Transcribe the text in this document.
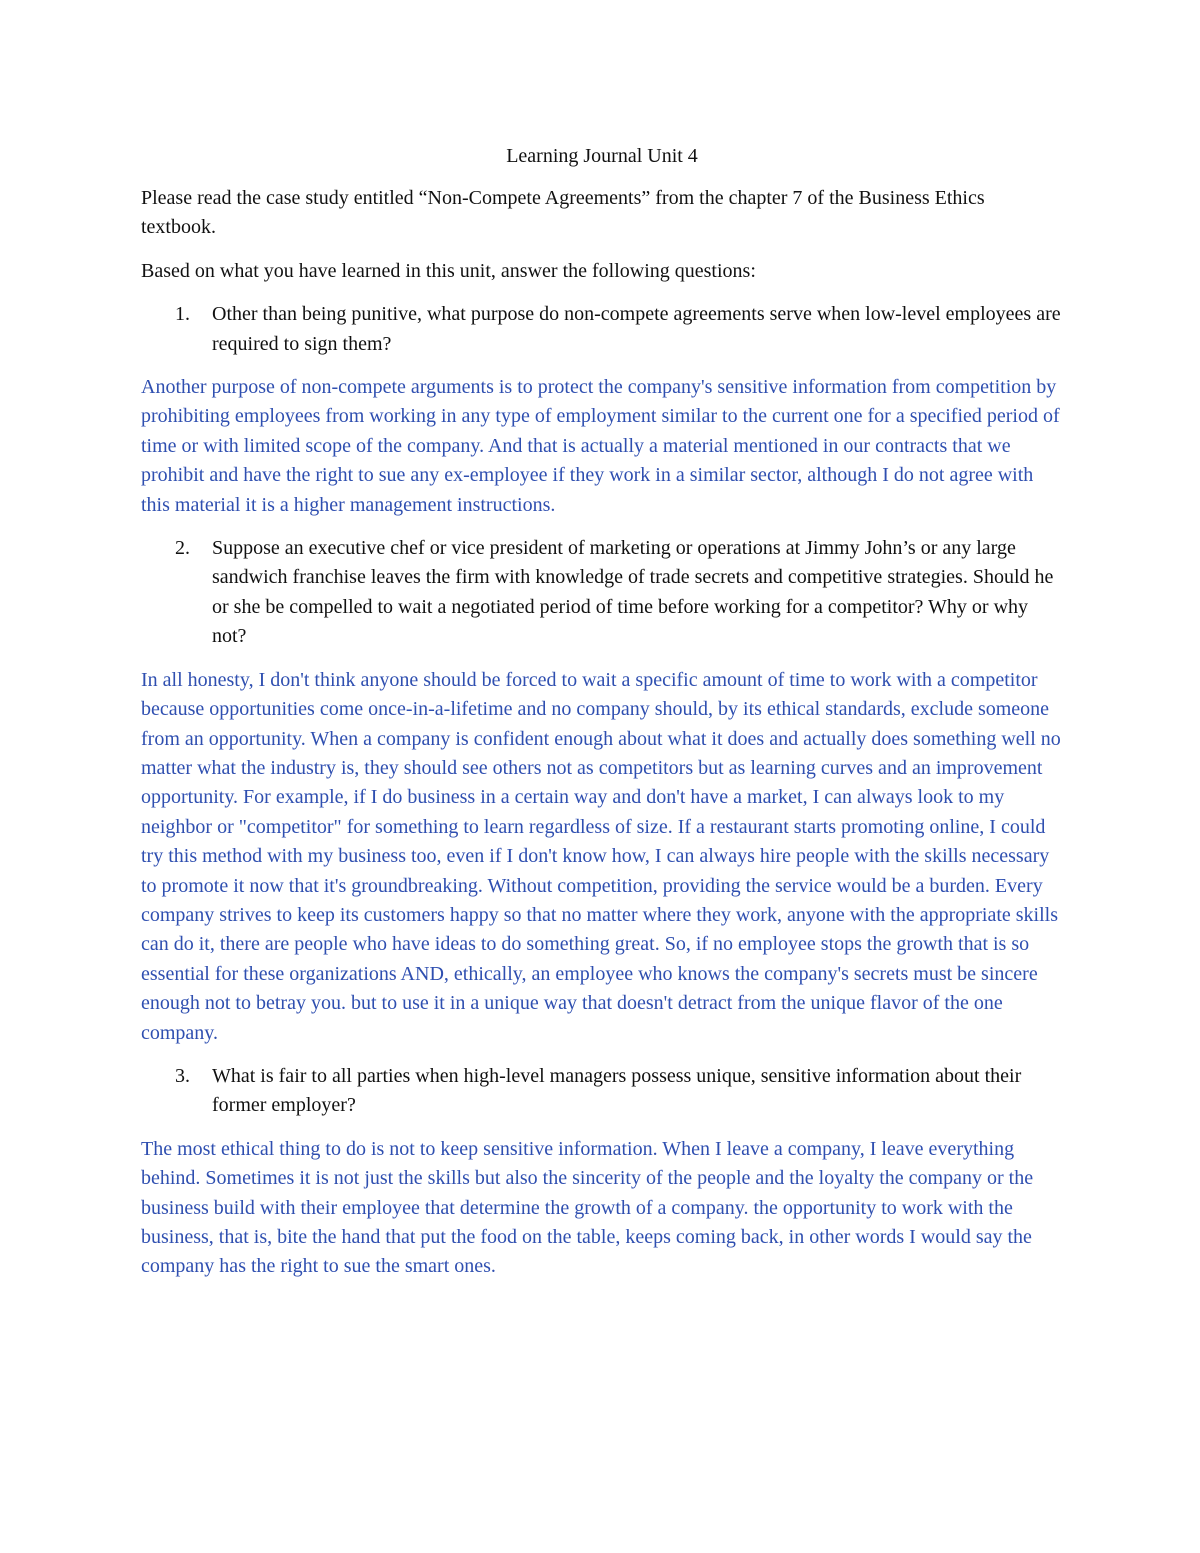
Learning Journal Unit 4
Please read the case study entitled “Non-Compete Agreements” from the chapter 7 of the Business Ethics textbook.
Based on what you have learned in this unit, answer the following questions:
1.	Other than being punitive, what purpose do non-compete agreements serve when low-level employees are required to sign them?
Another purpose of non-compete arguments is to protect the company's sensitive information from competition by prohibiting employees from working in any type of employment similar to the current one for a specified period of time or with limited scope of the company. And that is actually a material mentioned in our contracts that we prohibit and have the right to sue any ex-employee if they work in a similar sector, although I do not agree with this material it is a higher management instructions.
2.	Suppose an executive chef or vice president of marketing or operations at Jimmy John’s or any large sandwich franchise leaves the firm with knowledge of trade secrets and competitive strategies. Should he or she be compelled to wait a negotiated period of time before working for a competitor? Why or why not?
In all honesty, I don't think anyone should be forced to wait a specific amount of time to work with a competitor because opportunities come once-in-a-lifetime and no company should, by its ethical standards, exclude someone from an opportunity. When a company is confident enough about what it does and actually does something well no matter what the industry is, they should see others not as competitors but as learning curves and an improvement opportunity. For example, if I do business in a certain way and don't have a market, I can always look to my neighbor or "competitor" for something to learn regardless of size. If a restaurant starts promoting online, I could try this method with my business too, even if I don't know how, I can always hire people with the skills necessary to promote it now that it's groundbreaking. Without competition, providing the service would be a burden. Every company strives to keep its customers happy so that no matter where they work, anyone with the appropriate skills can do it, there are people who have ideas to do something great. So, if no employee stops the growth that is so essential for these organizations AND, ethically, an employee who knows the company's secrets must be sincere enough not to betray you. but to use it in a unique way that doesn't detract from the unique flavor of the one company.
3.	What is fair to all parties when high-level managers possess unique, sensitive information about their former employer?
The most ethical thing to do is not to keep sensitive information. When I leave a company, I leave everything behind. Sometimes it is not just the skills but also the sincerity of the people and the loyalty the company or the business build with their employee that determine the growth of a company. the opportunity to work with the business, that is, bite the hand that put the food on the table, keeps coming back, in other words I would say the company has the right to sue the smart ones.
